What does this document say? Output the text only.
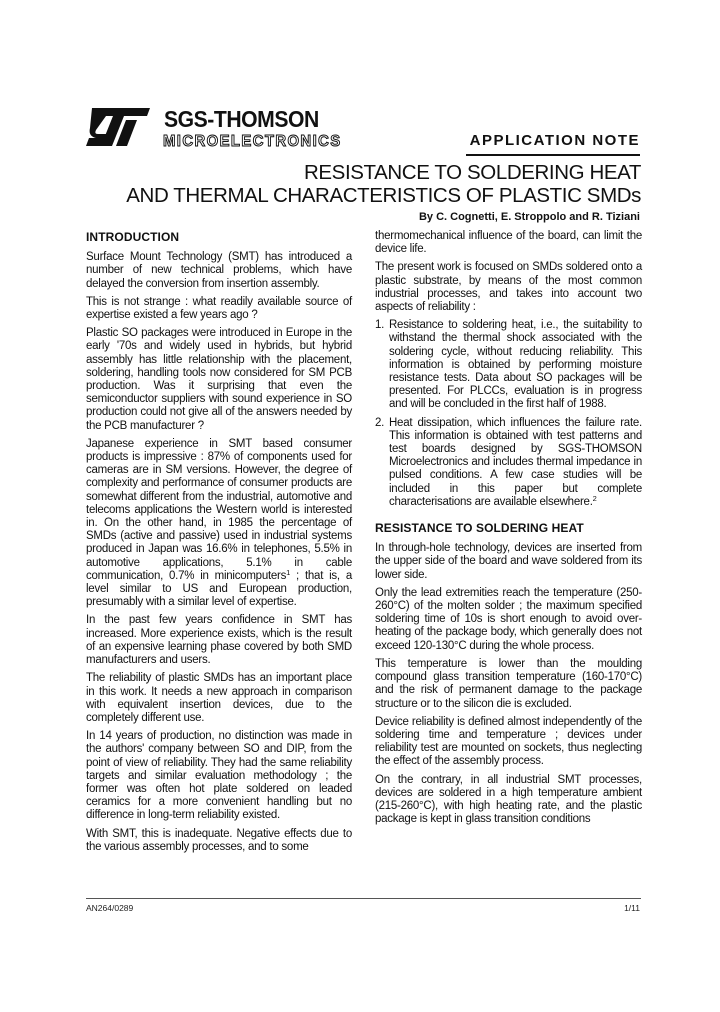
SGS-THOMSON
MICROELECTRONICS	APPLICATION NOTE
RESISTANCE TO SOLDERING HEAT
AND THERMAL CHARACTERISTICS OF PLASTIC SMDs
By C. Cognetti, E. Stroppolo and R. Tiziani
INTRODUCTION

Surface Mount Technology (SMT) has introduced a number of new technical problems, which have delayed the conversion from insertion assembly.

This is not strange : what readily available source of expertise existed a few years ago ?

Plastic SO packages were introduced in Europe in the early '70s and widely used in hybrids, but hybrid assembly has little relationship with the placement, soldering, handling tools now considered for SM PCB production. Was it surprising that even the semiconductor suppliers with sound experience in SO production could not give all of the answers needed by the PCB manufacturer ?

Japanese experience in SMT based consumer products is impressive : 87% of components used for cameras are in SM versions. However, the degree of complexity and performance of consumer products are somewhat different from the industrial, automotive and telecoms applications the Western world is interested in. On the other hand, in 1985 the percentage of SMDs (active and passive) used in industrial systems produced in Japan was 16.6% in telephones, 5.5% in automotive applications, 5.1% in cable communication, 0.7% in minicomputers$^1$ ; that is, a level similar to US and European production, presumably with a similar level of expertise.

In the past few years confidence in SMT has increased. More experience exists, which is the result of an expensive learning phase covered by both SMD manufacturers and users.

The reliability of plastic SMDs has an important place in this work. It needs a new approach in comparison with equivalent insertion devices, due to the completely different use.

In 14 years of production, no distinction was made in the authors' company between SO and DIP, from the point of view of reliability. They had the same reliability targets and similar evaluation methodology ; the former was often hot plate soldered on leaded ceramics for a more convenient handling but no difference in long-term reliability existed.

With SMT, this is inadequate. Negative effects due to the various assembly processes, and to some

thermomechanical influence of the board, can limit the device life.

The present work is focused on SMDs soldered onto a plastic substrate, by means of the most common industrial processes, and takes into account two aspects of reliability :

1. Resistance to soldering heat, i.e., the suitability to withstand the thermal shock associated with the soldering cycle, without reducing reliability. This information is obtained by performing moisture resistance tests. Data about SO packages will be presented. For PLCCs, evaluation is in progress and will be concluded in the first half of 1988.
2. Heat dissipation, which influences the failure rate. This information is obtained with test patterns and test boards designed by SGS-THOMSON Microelectronics and includes thermal impedance in pulsed conditions. A few case studies will be included in this paper but complete characterisations are available elsewhere.$^2$
RESISTANCE TO SOLDERING HEAT

In through-hole technology, devices are inserted from the upper side of the board and wave soldered from its lower side.

Only the lead extremities reach the temperature (250-260°C) of the molten solder ; the maximum specified soldering time of 10s is short enough to avoid over-heating of the package body, which generally does not exceed 120-130°C during the whole process.

This temperature is lower than the moulding compound glass transition temperature (160-170°C) and the risk of permanent damage to the package structure or to the silicon die is excluded.

Device reliability is defined almost independently of the soldering time and temperature ; devices under reliability test are mounted on sockets, thus neglecting the effect of the assembly process.

On the contrary, in all industrial SMT processes, devices are soldered in a high temperature ambient (215-260°C), with high heating rate, and the plastic package is kept in glass transition conditions

AN264/0289	1/11
